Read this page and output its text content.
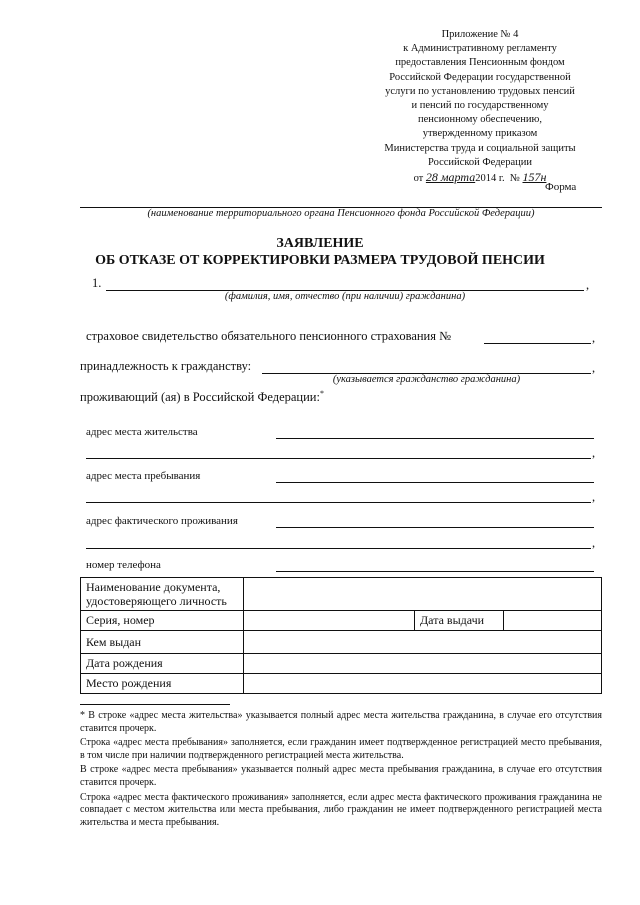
Приложение № 4
к Административному регламенту
предоставления Пенсионным фондом
Российской Федерации государственной
услуги по установлению трудовых пенсий
и пенсий по государственному
пенсионному обеспечению,
утвержденному приказом
Министерства труда и социальной защиты
Российской Федерации
от 28 марта2014 г. № 157н
Форма
(наименование территориального органа Пенсионного фонда Российской Федерации)
ЗАЯВЛЕНИЕ
ОБ ОТКАЗЕ ОТ КОРРЕКТИРОВКИ РАЗМЕРА ТРУДОВОЙ ПЕНСИИ
1.	,
(фамилия, имя, отчество (при наличии) гражданина)
страховое свидетельство обязательного пенсионного страхования №	,
принадлежность к гражданству:	,
(указывается гражданство гражданина)
проживающий (ая) в Российской Федерации:*
адрес места жительства
,
адрес места пребывания
,
адрес фактического проживания
,
номер телефона
Наименование документа, удостоверяющего личность			
Серия, номер		Дата выдачи	
Кем выдан			
Дата рождения			
Место рождения			

* В строке «адрес места жительства» указывается полный адрес места жительства гражданина, в случае его отсутствия ставится прочерк.

Строка «адрес места пребывания» заполняется, если гражданин имеет подтвержденное регистрацией место пребывания, в том числе при наличии подтвержденного регистрацией места жительства.

В строке «адрес места пребывания» указывается полный адрес места пребывания гражданина, в случае его отсутствия ставится прочерк.

Строка «адрес места фактического проживания» заполняется, если адрес места фактического проживания гражданина не совпадает с местом жительства или места пребывания, либо гражданин не имеет подтвержденного регистрацией места жительства и места пребывания.
